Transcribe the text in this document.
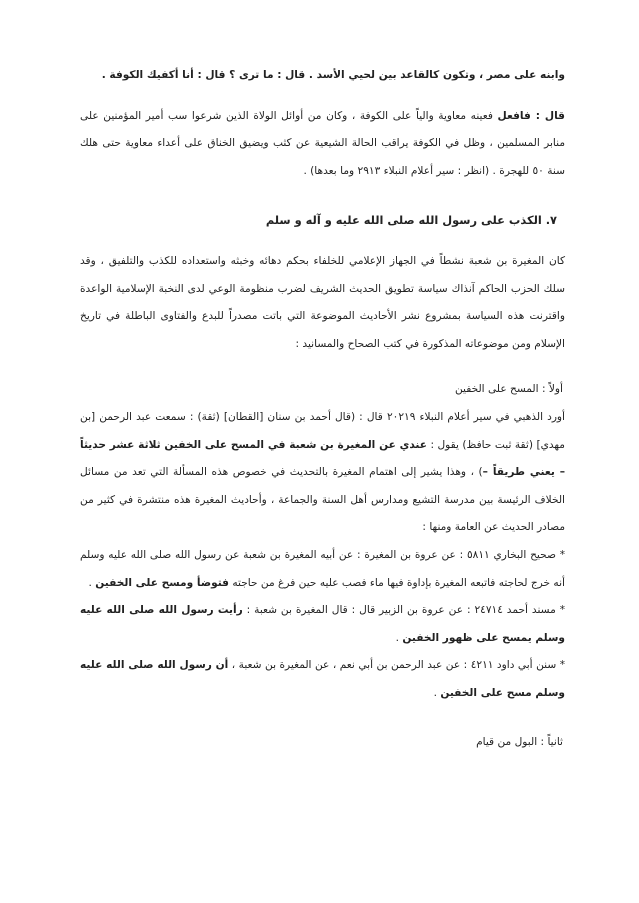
وابنه على مصر ، وتكون كالقاعد بين لحيي الأسد . قال : ما ترى ؟ قال : أنا أكفيك الكوفة .

قال : فافعل فعينه معاوية والياً على الكوفة ، وكان من أوائل الولاة الذين شرعوا سب أمير المؤمنين على منابر المسلمين ، وظل في الكوفة يراقب الحالة الشيعية عن كثب ويضيق الخناق على أعداء معاوية حتى هلك سنة ٥٠ للهجرة . (انظر : سير أعلام النبلاء ٢٩١٣ وما بعدها) .

٧. الكذب على رسول الله صلى الله عليه و آله و سلم

كان المغيرة بن شعبة نشطاً في الجهاز الإعلامي للخلفاء بحكم دهائه وخبثه واستعداده للكذب والتلفيق ، وقد سلك الحزب الحاكم آنذاك سياسة تطويق الحديث الشريف لضرب منظومة الوعي لدى النخبة الإسلامية الواعدة واقترنت هذه السياسة بمشروع نشر الأحاديث الموضوعة التي باتت مصدراً للبدع والفتاوى الباطلة في تاريخ الإسلام ومن موضوعاته المذكورة في كتب الصحاح والمسانيد :

أولاً : المسح على الخفين

أورد الذهبي في سير أعلام النبلاء ٢٠٢١٩ قال : (قال أحمد بن سنان [القطان] (ثقة) : سمعت عبد الرحمن [بن مهدي] (ثقة ثبت حافظ) يقول : عندي عن المغيرة بن شعبة في المسح على الخفين ثلاثة عشر حديثاً – يعني طريقاً –) ، وهذا يشير إلى اهتمام المغيرة بالتحديث في خصوص هذه المسألة التي تعد من مسائل الخلاف الرئيسة بين مدرسة التشيع ومدارس أهل السنة والجماعة ، وأحاديث المغيرة هذه منتشرة في كثير من مصادر الحديث عن العامة ومنها :

* صحيح البخاري ٥٨١١ : عن عروة بن المغيرة : عن أبيه المغيرة بن شعبة عن رسول الله صلى الله عليه وسلم أنه خرج لحاجته فاتبعه المغيرة بإداوة فيها ماء فصب عليه حين فرغ من حاجته فتوضأ ومسح على الخفين .

* مسند أحمد ٢٤٧١٤ : عن عروة بن الزبير قال : قال المغيرة بن شعبة : رأيت رسول الله صلى الله عليه وسلم يمسح على ظهور الخفين .

* سنن أبي داود ٤٢١١ : عن عبد الرحمن بن أبي نعم ، عن المغيرة بن شعبة ، أن رسول الله صلى الله عليه وسلم مسح على الخفين .

ثانياً : البول من قيام
